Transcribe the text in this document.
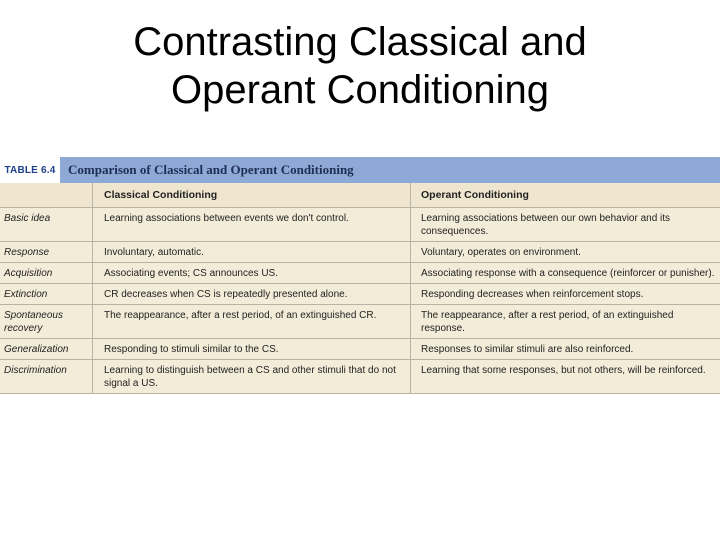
Contrasting Classical and
Operant Conditioning
TABLE 6.4 Comparison of Classical and Operant Conditioning
	Classical Conditioning	Operant Conditioning
Basic idea	Learning associations between events we don't control.	Learning associations between our own behavior and its consequences.
Response	Involuntary, automatic.	Voluntary, operates on environment.
Acquisition	Associating events; CS announces US.	Associating response with a consequence (reinforcer or punisher).
Extinction	CR decreases when CS is repeatedly presented alone.	Responding decreases when reinforcement stops.
Spontaneous recovery	The reappearance, after a rest period, of an extinguished CR.	The reappearance, after a rest period, of an extinguished response.
Generalization	Responding to stimuli similar to the CS.	Responses to similar stimuli are also reinforced.
Discrimination	Learning to distinguish between a CS and other stimuli that do not signal a US.	Learning that some responses, but not others, will be reinforced.
